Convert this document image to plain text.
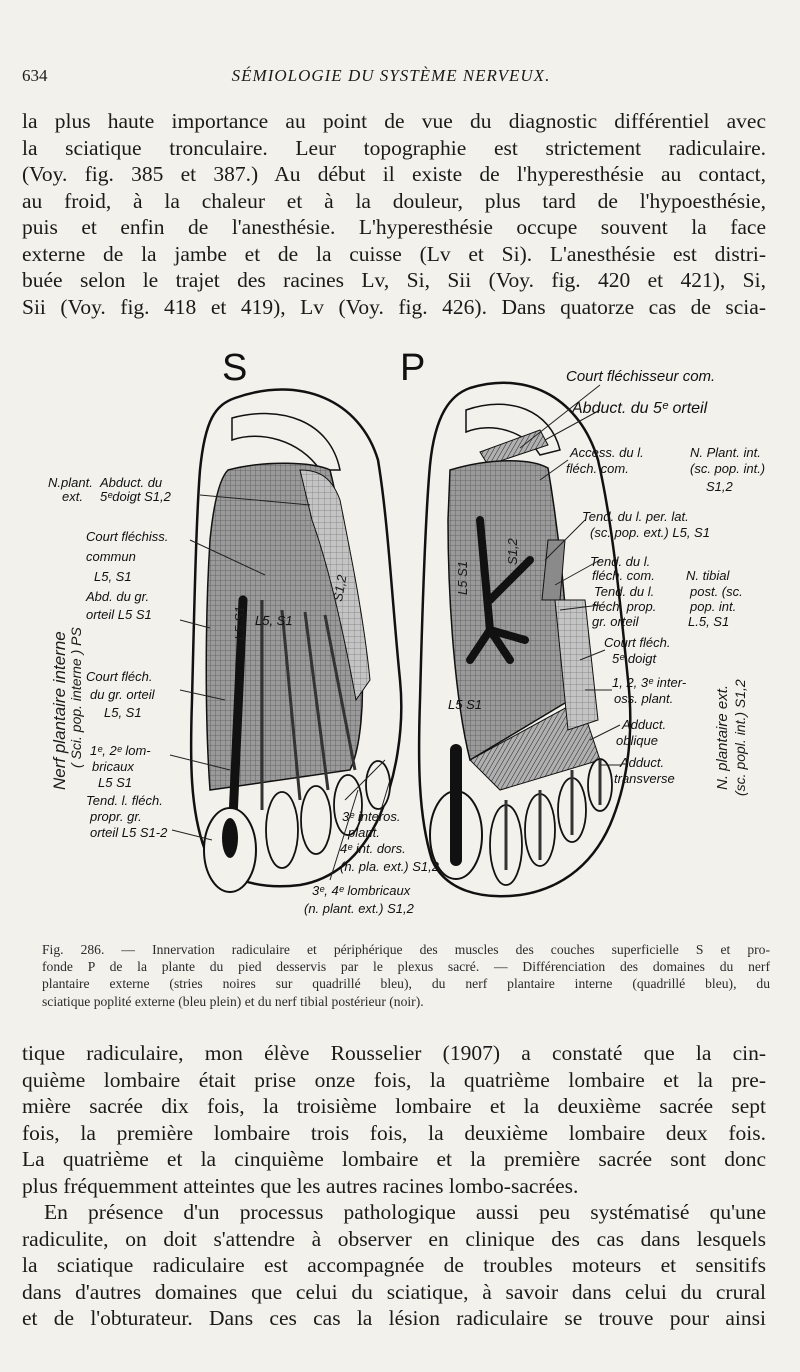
634	SÉMIOLOGIE DU SYSTÈME NERVEUX.
la plus haute importance au point de vue du diagnostic différentiel avec
la sciatique tronculaire. Leur topographie est strictement radiculaire.
(Voy. fig. 385 et 387.) Au début il existe de l'hyperesthésie au contact,
au froid, à la chaleur et à la douleur, plus tard de l'hypoesthésie,
puis et enfin de l'anesthésie. L'hyperesthésie occupe souvent la face
externe de la jambe et de la cuisse (Lv et Si). L'anesthésie est distri-
buée selon le trajet des racines Lv, Si, Sii (Voy. fig. 420 et 421), Si,
Sii (Voy. fig. 418 et 419), Lv (Voy. fig. 426). Dans quatorze cas de scia-
N.plant.
ext.
Abduct. du
5ᵉdoigt S1,2
Court fléchiss.
commun
L5, S1
Abd. du gr.
orteil L5 S1
Court fléch.
du gr. orteil
L5, S1
1ᵉ, 2ᵉ lom-
bricaux
L5 S1
Tend. l. fléch.
propr. gr.
orteil L5 S1-2
Nerf plantaire interne ( Sci. pop. interne ) PS
S	P
L5 S1 L5, S1
S1,2	L5 S1
S1,2
L5 S1
3ᵉ interos.
plant.
4ᵉ int. dors.
(n. pla. ext.) S1,2
3ᵉ, 4ᵉ lombricaux
(n. plant. ext.) S1,2
Court fléchisseur com.
Abduct. du 5ᵉ orteil
Access. du l.
fléch. com.
N. Plant. int.
(sc. pop. int.)
S1,2
Tend. du l. per. lat.
(sc. pop. ext.) L5, S1
Tend. du l.
fléch. com.
Tend. du l.
fléch. prop.
gr. orteil
N. tibial
post. (sc.
pop. int.
L.5, S1
Court fléch.
5ᵉ doigt
1, 2, 3ᵉ inter-
oss. plant.
Adduct.
oblique
Adduct.
transverse	N. plantaire ext. (sc. popl. int.) S1,2
Fig. 286. — Innervation radiculaire et périphérique des muscles des couches superficielle S et pro-
fonde P de la plante du pied desservis par le plexus sacré. — Différenciation des domaines du nerf
plantaire externe (stries noires sur quadrillé bleu), du nerf plantaire interne (quadrillé bleu), du
sciatique poplité externe (bleu plein) et du nerf tibial postérieur (noir).
tique radiculaire, mon élève Rousselier (1907) a constaté que la cin-
quième lombaire était prise onze fois, la quatrième lombaire et la pre-
mière sacrée dix fois, la troisième lombaire et la deuxième sacrée sept
fois, la première lombaire trois fois, la deuxième lombaire deux fois.
La quatrième et la cinquième lombaire et la première sacrée sont donc
plus fréquemment atteintes que les autres racines lombo-sacrées.
En présence d'un processus pathologique aussi peu systématisé qu'une
radiculite, on doit s'attendre à observer en clinique des cas dans lesquels
la sciatique radiculaire est accompagnée de troubles moteurs et sensitifs
dans d'autres domaines que celui du sciatique, à savoir dans celui du crural
et de l'obturateur. Dans ces cas la lésion radiculaire se trouve pour ainsi
